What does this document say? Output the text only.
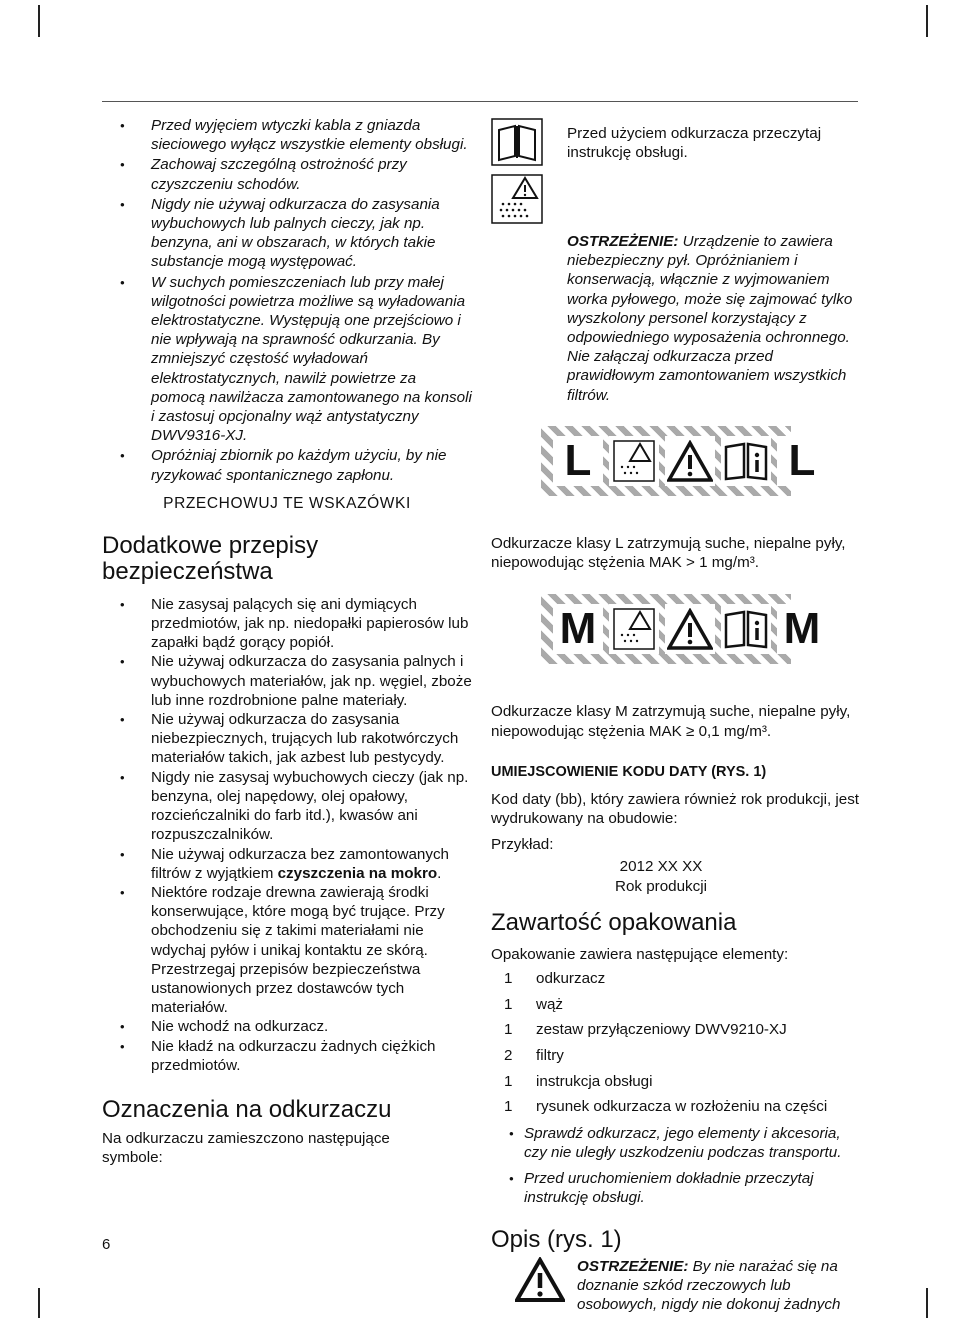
• Przed wyjęciem wtyczki kabla z gniazda sieciowego wyłącz wszystkie elementy obsługi.
• Zachowaj szczególną ostrożność przy czyszczeniu schodów.
• Nigdy nie używaj odkurzacza do zasysania wybuchowych lub palnych cieczy, jak np. benzyna, ani w obszarach, w których takie substancje mogą występować.
• W suchych pomieszczeniach lub przy małej wilgotności powietrza możliwe są wyładowania elektrostatyczne. Występują one przejściowo i nie wpływają na sprawność odkurzania. By zmniejszyć częstość wyładowań elektrostatycznych, nawilż powietrze za pomocą nawilżacza zamontowanego na konsoli i zastosuj opcjonalny wąż antystatyczny DWV9316-XJ.
• Opróżniaj zbiornik po każdym użyciu, by nie ryzykować spontanicznego zapłonu.

PRZECHOWUJ TE WSKAZÓWKI

Dodatkowe przepisy bezpieczeństwa
• Nie zasysaj palących się ani dymiących przedmiotów, jak np. niedopałki papierosów lub zapałki bądź gorący popiół.
• Nie używaj odkurzacza do zasysania palnych i wybuchowych materiałów, jak np. węgiel, zboże lub inne rozdrobnione palne materiały.
• Nie używaj odkurzacza do zasysania niebezpiecznych, trujących lub rakotwórczych materiałów takich, jak azbest lub pestycydy.
• Nigdy nie zasysaj wybuchowych cieczy (jak np. benzyna, olej napędowy, olej opałowy, rozcieńczalniki do farb itd.), kwasów ani rozpuszczalników.
• Nie używaj odkurzacza bez zamontowanych filtrów z wyjątkiem czyszczenia na mokro.
• Niektóre rodzaje drewna zawierają środki konserwujące, które mogą być trujące. Przy obchodzeniu się z takimi materiałami nie wdychaj pyłów i unikaj kontaktu ze skórą. Przestrzegaj przepisów bezpieczeństwa ustanowionych przez dostawców tych materiałów.
• Nie wchodź na odkurzacz.
• Nie kładź na odkurzaczu żadnych ciężkich przedmiotów.
Oznaczenia na odkurzaczu

Na odkurzaczu zamieszczono następujące symbole:

6
Przed użyciem odkurzacza przeczytaj instrukcję obsługi.
OSTRZEŻENIE: Urządzenie to zawiera niebezpieczny pył. Opróżnianiem i konserwacją, włącznie z wyjmowaniem worka pyłowego, może się zajmować tylko wyszkolony personel korzystający z odpowiedniego wyposażenia ochronnego. Nie załączaj odkurzacza przed prawidłowym zamontowaniem wszystkich filtrów.
L	L

Odkurzacze klasy L zatrzymują suche, niepalne pyły, niepowodując stężenia MAK > 1 mg/m³.

M	M

Odkurzacze klasy M zatrzymują suche, niepalne pyły, niepowodując stężenia MAK ≥ 0,1 mg/m³.

UMIEJSCOWIENIE KODU DATY (RYS. 1)

Kod daty (bb), który zawiera również rok produkcji, jest wydrukowany na obudowie:

Przykład:

2012 XX XX

Rok produkcji

Zawartość opakowania

Opakowanie zawiera następujące elementy:

1	odkurzacz
1	wąż
1	zestaw przyłączeniowy DWV9210-XJ
2	filtry
1	instrukcja obsługi
1	rysunek odkurzacza w rozłożeniu na części
• Sprawdź odkurzacz, jego elementy i akcesoria, czy nie uległy uszkodzeniu podczas transportu.
• Przed uruchomieniem dokładnie przeczytaj instrukcję obsługi.
Opis (rys. 1)
OSTRZEŻENIE: By nie narażać się na doznanie szkód rzeczowych lub osobowych, nigdy nie dokonuj żadnych
